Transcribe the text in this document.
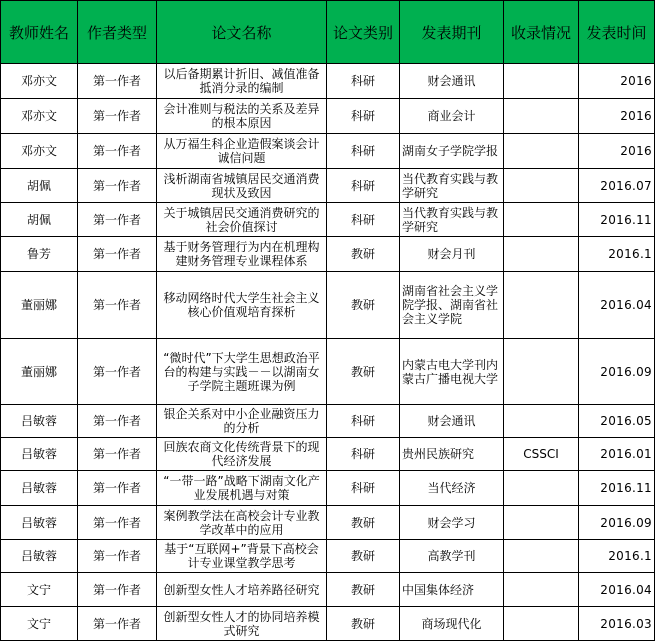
教师姓名	作者类型	论文名称	论文类别	发表期刊	收录情况	发表时间
邓亦文	第一作者	以后备期累计折旧、减值准备抵消分录的编制	科研	财会通讯		2016
邓亦文	第一作者	会计准则与税法的关系及差异的根本原因	科研	商业会计		2016
邓亦文	第一作者	从万福生科企业造假案谈会计诚信问题	科研	湖南女子学院学报		2016
胡佩	第一作者	浅析湖南省城镇居民交通消费现状及致因	科研	当代教育实践与教学研究		2016.07
胡佩	第一作者	关于城镇居民交通消费研究的社会价值探讨	科研	当代教育实践与教学研究		2016.11
鲁芳	第一作者	基于财务管理行为内在机理构建财务管理专业课程体系	教研	财会月刊		2016.1
董丽娜	第一作者	移动网络时代大学生社会主义核心价值观培育探析	教研	湖南省社会主义学院学报、湖南省社会主义学院		2016.04
董丽娜	第一作者	“微时代”下大学生思想政治平台的构建与实践－－以湖南女子学院主题班课为例	教研	内蒙古电大学刊内蒙古广播电视大学		2016.09
吕敏蓉	第一作者	银企关系对中小企业融资压力的分析	科研	财会通讯		2016.05
吕敏蓉	第一作者	回族农商文化传统背景下的现代经济发展	科研	贵州民族研究	CSSCI	2016.01
吕敏蓉	第一作者	“一带一路”战略下湖南文化产业发展机遇与对策	科研	当代经济		2016.11
吕敏蓉	第一作者	案例教学法在高校会计专业教学改革中的应用	教研	财会学习		2016.09
吕敏蓉	第一作者	基于“互联网+”背景下高校会计专业课堂教学思考	教研	高教学刊		2016.1
文宁	第一作者	创新型女性人才培养路径研究	教研	中国集体经济		2016.04
文宁	第一作者	创新型女性人才的协同培养模式研究	教研	商场现代化		2016.03
